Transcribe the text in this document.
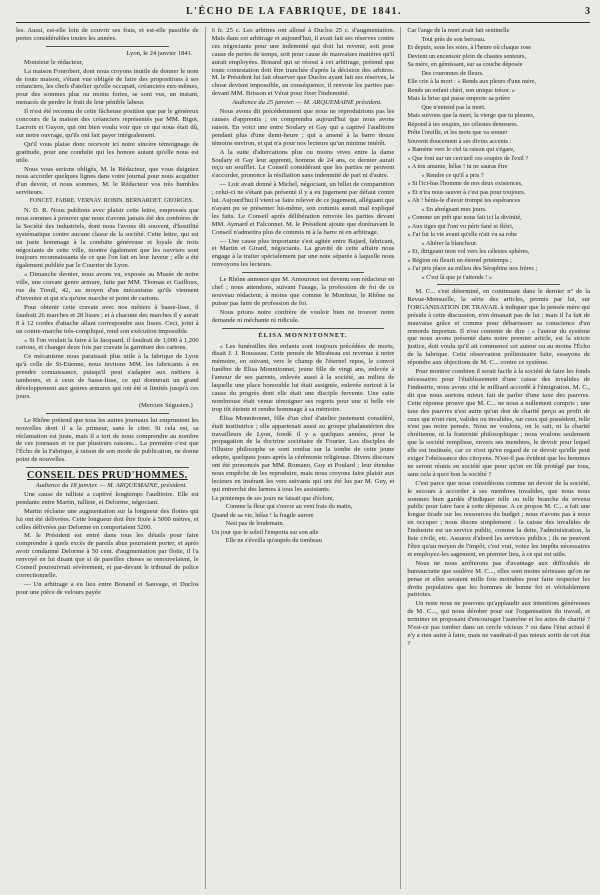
L'ÉCHO DE LA FABRIQUE, DE 1841.	3

les. Aussi, est-elle loin de couvrir ses frais, et est-elle passible de pertes considérables toutes les années.

Lyon, le 24 janvier 1841.

Monsieur le rédacteur,

La maison Fonrobert, dont nous croyons inutile de donner le nom de toute maison, s'étant vue obligée de faire des propositions à ses créanciers, les chefs d'atelier qu'elle occupait, créanciers eux-mêmes, pour des sommes plus ou moins fortes, se sont vus, un instant, menacés de perdre le fruit de leur pénible labeur.

Il n'est été reconnu de cette fâcheuse position que par le généreux concours de la maison des créanciers représentés par MM. Bigot, Lacroix et Guyon, qui ont bien voulu voir que ce qui nous était dû, sur notre ouvrage, qu'ils ont fait payer intégralement.

Qu'il vous plaise donc recevoir ici notre sincère témoignage de gratitude, pour une conduite qui les honore autant qu'elle nous est utile.

Nous vous serions obligés, M. le Rédacteur, que vous daigniez nous accorder quelques lignes dans votre journal pour nous acquitter d'un devoir, et nous sommes, M. le Rédacteur vos très humbles serviteurs.

FONCET. FABRE. VERNAY. ROBIN. BERNARDET. GEORGES.

N. D. R. Nous publions avec plaisir cette lettre, empressés que nous sommes à prouver que nous n'avons jamais été des confrères de la Société des industriels, dont nous l'avons dit souvent, d'hostilité systématique contre aucune classe de la société. Cette lettre, qui est un juste hommage à la conduite généreuse et loyale de trois négociants de cette ville, montre également que les ouvriers sont toujours reconnaissants de ce que l'on fait en leur faveur ; elle a été également publiée par le Courrier de Lyon.

« Dimanche dernier, nous avons vu, exposée au Musée de notre ville, une cravate genre armure, faite par MM. Thomas et Guilloux, rue du Treuil, 42, au moyen d'un mécanisme qu'ils viennent d'inventer et qui n'a qu'une marche et point de cartons.

Pour obtenir cette cravate avec nos métiers à basse-lisse, il faudrait 26 marches et 28 lisses ; et à chacune des marches il y aurait 8 à 12 cordes d'attache allant correspondre aux lisses. Ceci, joint à un contre-marche très-compliqué, rend son exécution impossible.

« Si l'on voulait la faire à la Jacquard, il faudrait de 1,000 à 1,200 cartons, et changer deux fois par cravate la garniture des cartons.

Ce mécanisme nous paraissait plus utile à la fabrique de Lyon qu'à celle de St-Etienne, nous invitons MM. les fabricants à en prendre connaissance, puisqu'il peut s'adapter aux métiers à tambours, et à ceux de basse-lisse, ce qui donnerait un grand développement aux genres armures qui ont été si limités jusqu'à ces jours.

(Mercure Ségusien.)

Le Rhône prétend que tous les autres journaux lui empruntent les nouvelles dont il a la primeur, sans le citer. Si cela est, sa réclamation est juste, mais il a tort de nous comprendre au nombre de ces journaux et ce par plusieurs raisons... La première c'est que l'Écho de la Fabrique, à raison de son mode de publication, ne donne point de nouvelles.

CONSEIL DES PRUD'HOMMES.

Audience du 18 janvier. — M. ARQUEMAINE, président.

Une cause de tulliste a captivé longtemps l'auditoire. Elle est pendante entre Martin, tulliste, et Delorme, négociant.

Martin réclame une augmentation sur la longueur des flottes qui lui ont été délivrées. Cette longueur doit être fixée à 5000 mètres, et celles délivrées par Delorme en comportaient 5200.

M. le Président est entré dans tous les détails pour faire comprendre à quels excès de pareils abus pourraient porter, et après avoir condamné Delorme à 50 cent. d'augmentation par flotte, il l'a renvoyé en lui disant que si de pareilles choses se renouvelaient, le Conseil poursuivrait sévèrement, et par-devant le tribunal de police correctionnelle.

— Un arbitrage a eu lieu entre Bonand et Sauvage, et Duclos pour une pièce de velours payée

6 fr. 25 c. Les arbitres ont alloué à Duclos 25 c. d'augmentation. Mais dans cet arbitrage et aujourd'hui, il avait fait ses réserves contre ces négociants pour une indemnité qui doit lui revenir, soit pour cause de pertes de temps, soit pour cause de mauvaises matières qu'il aurait employées. Bonand qui se résout à cet arbitrage, prétend que toute contestation doit être tranchée d'après la décision des arbitres. M. le Président lui fait observer que Duclos ayant fait ses réserves, la chose devient impossible, en conséquence, il renvoie les parties par-devant MM. Brisson et Vérat pour fixer l'indemnité.

Audience du 25 janvier. — M. ARQUEMAINE président.

Nous avons dit précédemment que nous ne reproduirions pas les causes d'apprentis ; on comprendra aujourd'hui que nous avons raison. En voici une entre Soulary et Gay qui a captivé l'auditoire pendant plus d'une demi-heure ; qui a amené à la barre douze témoins environ, et qui n'a pour nos lecteurs qu'un minime intérêt.

A la suite d'altercations plus ou moins vives entre la dame Soulary et Gay leur apprenti, homme de 24 ans, ce dernier aurait reçu un soufflet. Le Conseil considérant que les parties ne peuvent s'accorder, prononce la résiliation sans indemnité de part ni d'autre.

— Loir avait donné à Michel, négociant, un billet de comparution ; celui-ci ne s'étant pas présenté il y a eu jugement par défaut contre lui. Aujourd'hui il vient se faire relever de ce jugement, alléguant que n'ayant pu se présenter lui-même, son commis aurait mal expliqué les faits. Le Conseil après délibération renvoie les parties devant MM. Aymard et Falconnet. M. le Président ajoute que dorénavant le Conseil n'admettra plus de commis ni à la barre ni en arbitrage.

— Une cause plus importante s'est agitée entre Bajard, fabricant, et Martin et Girard, négociants. La gravité de cette affaire nous engage à la traiter spécialement par une note séparée à laquelle nous renvoyons les lecteurs.

Le Rhône annonce que M. Amouroux est devenu son rédacteur en chef ; nous attendons, suivant l'usage, la profession de foi de ce nouveau rédacteur, à moins que comme le Moniteur, le Rhône ne puisse pas faire de profession de foi.

Nous prions notre confrère de vouloir bien ne trouver notre demande ni méchante ni ridicule.

ÉLISA MONNITONNET.

« Les funérailles des enfants sont toujours précédées de morts, disait J. J. Rousseau. Cette pensée de Mirabeau est revenue à notre mémoire, en suivant, vers le champ de l'éternel repos, le convoi funèbre de Élisa Monnitonnet, jeune fille de vingt ans, enlevée à l'amour de ses parents, enlevée aussi à la société, au milieu de laquelle une place honorable lui était assignée, enlevée surtout à la cause du progrès dont elle était une disciple fervente. Une suite nombreuse était venue témoigner ses regrets pour une si belle vie trop tôt éteinte et rendre hommage à sa mémoire.

Élisa Monnitonnet, fille d'un chef d'atelier justement considéré, était institutrice ; elle appartenait aussi au groupe phalanstérien des travailleurs de Lyon, fondé il y a quelques années, pour la propagation de la doctrine sociétaire de Fourier. Les disciples de l'illustre philosophe se sont rendus sur la tombe de cette jeune adepte, quelques jours après la cérémonie religieuse. Divers discours ont été prononcés par MM. Romano, Guy et Poulard ; leur étendue nous empêche de les reproduire, mais nous croyons faire plaisir aux lecteurs en insérant les vers suivants qui ont été lus par M. Guy, et qui entrerchè des larmes à tous les assistants.

Le printemps de ses jours ne faisait que d'éclore,

Comme la fleur qui s'ouvre au vent frais du matin,

Quand de sa vie, hélas ! la fragile aurore

Nest pas de lendemain.

Un jour que le soleil l'emporta sur son aile

Elle ne s'éveilla qu'auprès du tombeau

Car l'ange de la mort avait fait sentinelle

Tout près de son berceau.

Et depuis, sous les soirs, à l'heure où chaque rose

Devient un encensoir plein de chastes senteurs,

Sa mère, en gémissant, sur sa couche déposée

Des couronnes de fleurs.

Elle crie à la mort : « Rends aux pleurs d'une mère,

Rends un enfant chéri, son unique trésor. »

Mais la brise qui passe emporte sa prière

Que n'entend pas la mort.

Mais suivons que la mort, la vierge que tu pleures,

Répond à tes soupirs, tes célestes demeures.

Prête l'oreille, et les mots que va sonner

Souvent doucement à ses divins accents :

« Ramène vers le ciel ta raison qui s'égare,

« Que font sur un cercueil ces soupirs de l'exil ?

« A ton amante, hélas ! tu ne sauras être

« Rendre ce qu'il a pris ?

« Si l'ici-bas l'homme de nos deux existences,

« Et n'ira nous sauver à c'est pas pour toujours.

« Ah ! bénis-le d'avoir trompé tes espérances

« En abrégeant mes jours.

« Comme un prêt que nous fait ici la divinité,

« Aux tiges qui l'ont vu périr fané et flétri,

« J'ai fui la vie avant qu'elle n'ait vu sa robe

« Altérer la blancheur.

« Et, dirigeant mon vol vers les célestes sphères,

« Région où fleurit un éternel printemps ;

« J'ai pris place au milieu des Séraphins nos frères ;

« C'est là que je t'attends ! »

M. C... s'est déterminé, en continuant dans le dernier n° de la Revue-Mensuelle, la série des articles, promis par lui, sur l'ORGANISATION DE TRAVAIL à indiquer que la pensée mère qui préside à cette discussion, n'en émanait pas de lui ; mais il l'a fait de mauvaise grâce et comme pour débarrasser sa conscience d'un remords importun. Il n'est contente de dire : « l'auteur du système que nous avons présenté dans notre premier article, est la stricte justice, doit voulu qu'il ait commencé cet auteur ou au moins l'Écho de la fabrique. Cette observation préliminaire faite, essayons de répondre aux objections de M. C... contre ce système.

Pour montrer combien il serait facile à la société de faire les fonds nécessaires pour l'établissement d'une caisse des invalides de l'industrie, nous avons cité le milliard accordé à l'émigration. M. C., dit que nous aurions mieux fait de parler d'une taxe des pauvres. Cette réponse prouve que M. C... ne nous a nullement compris ; une taxe des pauvres n'est autre qu'un don de charité perçu au profit de ceux qui n'ont rien, valides ou invalides, sur ceux qui possèdent, telle n'est pas notre pensée. Nous ne voulons, on le sait, ni la charité chrétienne, ni la fraternité philosophique ; nous voulons seulement que la société remplisse, envers ses membres, le devoir pour lequel elle est instituée, car ce n'est qu'en regard de ce devoir qu'elle peut exiger l'obéissance des citoyens. N'est-il pas évident que les hommes ne seront réunis en société que pour qu'on en fût protégé par tous, sans cela à quoi bon la société ?

C'est parce que nous considérons comme un devoir de la société, le secours à accorder à ses membres invalides, que nous nous sommes bien gardés d'indiquer telle ou telle branche du revenu public pour faire face à cette dépense. A ce propos M. C... a fait une longue tirade sur les ressources du budget ; nous n'avons pas à nous en occuper ; nous disons simplement : la caisse des invalides de l'industrie est un service public, comme la dette, l'administration, la liste civile, etc. Assurez d'abord les services publics ; ils ne peuvent l'être qu'au moyen de l'impôt, c'est vrai, votez les impôts nécessaires et employez-les sagement, en premier lieu, à ce qui est utile.

Nous ne nous arrêterons pas d'avantage aux difficultés de bureaucratie que soulève M. C..., elles sont moins sérieuses qu'on ne pense et elles seraient mille fois moindres pour faire respecter les droits populaires que les hommes de bonne foi et véritablement patriotes.

Un reste nous ne pouvons qu'applaudir aux intentions généreuses de M. C..., qui nous dérober pour sur l'organisation du travail, et terminer en proposant d'encourager l'aumône et les actes de charité ? N'est-ce pas tomber dans un cercle vicieux ? ou dans l'état actuel il n'y a rien autre à faire, mais ne vaudrait-il pas mieux sortir de cet état ?
